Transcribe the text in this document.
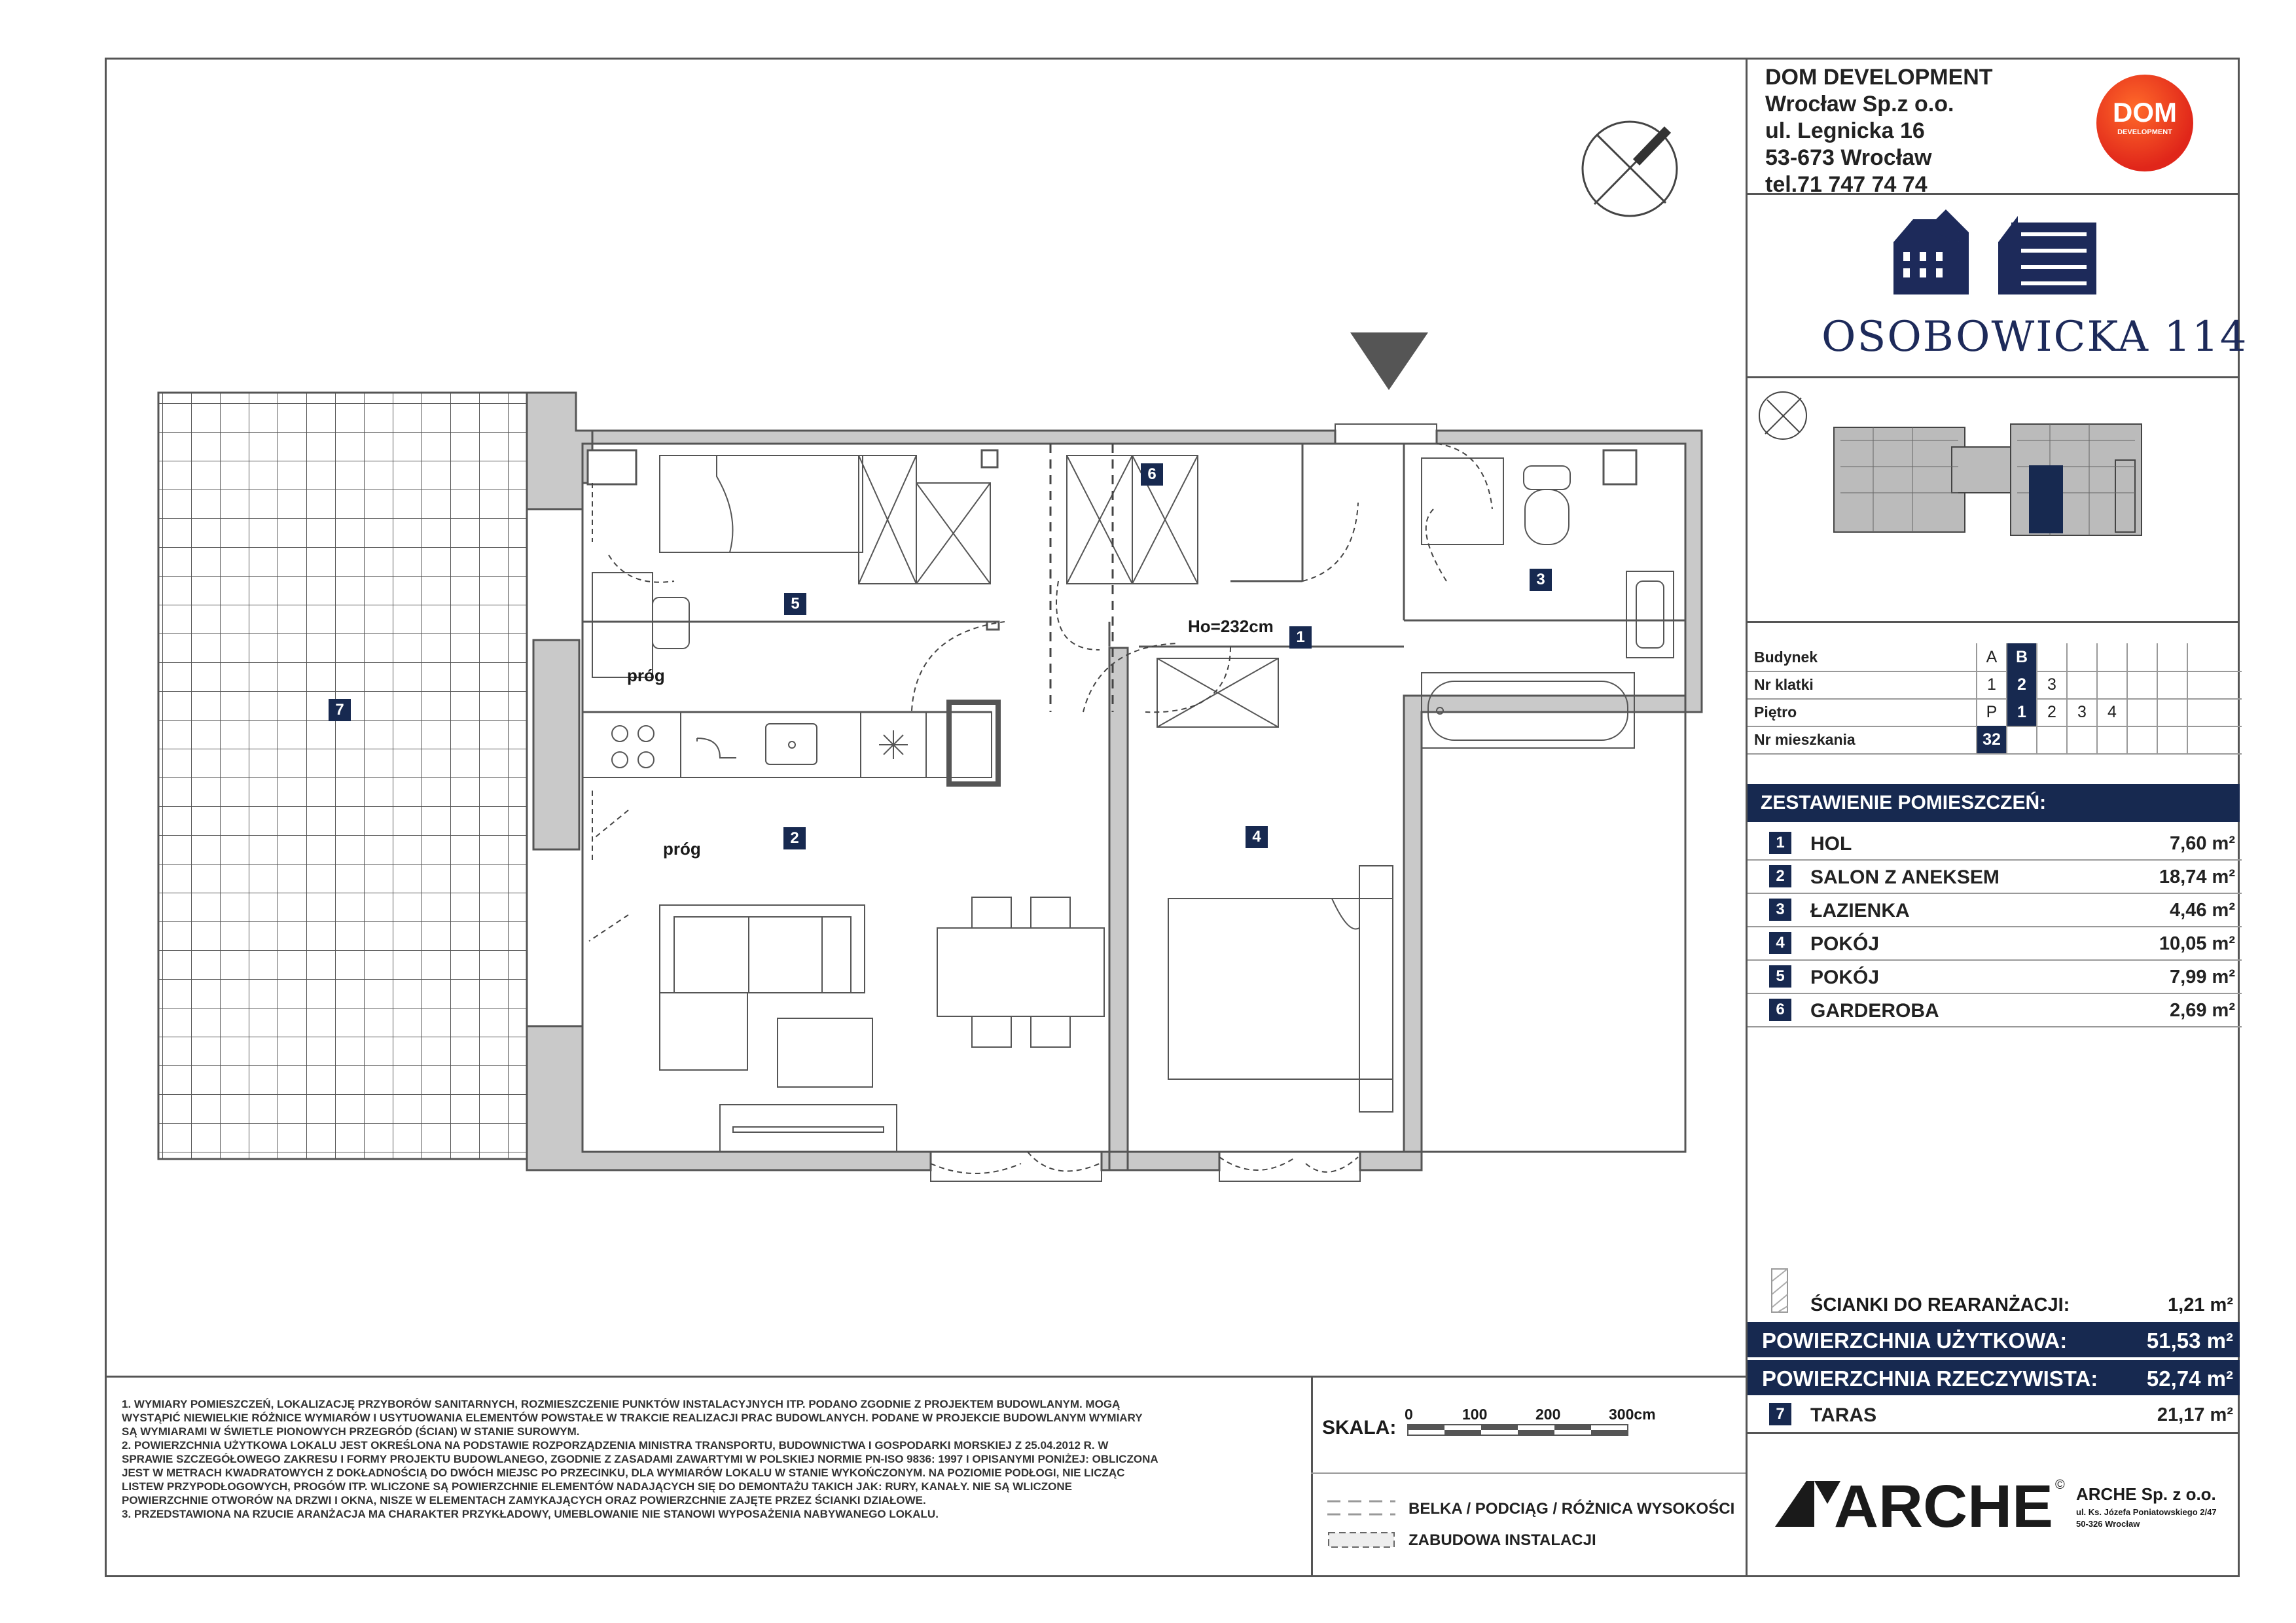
1
2
3
4
5
6
7
Ho=232cm
próg
próg
DOM DEVELOPMENT
Wrocław Sp.z o.o.
ul. Legnicka 16
53-673 Wrocław
tel.71 747 74 74
DOM
DEVELOPMENT
OSOBOWICKA 114
Budynek	A	B
Nr klatki	1	2	3
Piętro	P	1	2	3	4
Nr mieszkania	32
ZESTAWIENIE POMIESZCZEŃ:
1	HOL	7,60 m²
2	SALON Z ANEKSEM	18,74 m²
3	ŁAZIENKA	4,46 m²
4	POKÓJ	10,05 m²
5	POKÓJ	7,99 m²
6	GARDEROBA	2,69 m²
ŚCIANKI DO REARANŻACJI:	1,21 m²
POWIERZCHNIA UŻYTKOWA:	51,53 m²
POWIERZCHNIA RZECZYWISTA: 52,74 m²
7	TARAS	21,17 m²
ARCHE © ARCHE Sp. z o.o.
ul. Ks. Józefa Poniatowskiego 2/47
50-326 Wrocław
1. WYMIARY POMIESZCZEŃ, LOKALIZACJĘ PRZYBORÓW SANITARNYCH, ROZMIESZCZENIE PUNKTÓW INSTALACYJNYCH ITP. PODANO ZGODNIE Z PROJEKTEM BUDOWLANYM. MOGĄ
WYSTĄPIĆ NIEWIELKIE RÓŻNICE WYMIARÓW I USYTUOWANIA ELEMENTÓW POWSTAŁE W TRAKCIE REALIZACJI PRAC BUDOWLANYCH. PODANE W PROJEKCIE BUDOWLANYM WYMIARY
SĄ WYMIARAMI W ŚWIETLE PIONOWYCH PRZEGRÓD (ŚCIAN) W STANIE SUROWYM.
2. POWIERZCHNIA UŻYTKOWA LOKALU JEST OKREŚLONA NA PODSTAWIE ROZPORZĄDZENIA MINISTRA TRANSPORTU, BUDOWNICTWA I GOSPODARKI MORSKIEJ Z 25.04.2012 R. W
SPRAWIE SZCZEGÓŁOWEGO ZAKRESU I FORMY PROJEKTU BUDOWLANEGO, ZGODNIE Z ZASADAMI ZAWARTYMI W POLSKIEJ NORMIE PN-ISO 9836: 1997 I OPISANYMI PONIŻEJ: OBLICZONA
JEST W METRACH KWADRATOWYCH Z DOKŁADNOŚCIĄ DO DWÓCH MIEJSC PO PRZECINKU, DLA WYMIARÓW LOKALU W STANIE WYKOŃCZONYM. NA POZIOMIE PODŁOGI, NIE LICZĄC
LISTEW PRZYPODŁOGOWYCH, PROGÓW ITP. WLICZONE SĄ POWIERZCHNIE ELEMENTÓW NADAJĄCYCH SIĘ DO DEMONTAŻU TAKICH JAK: RURY, KANAŁY. NIE SĄ WLICZONE
POWIERZCHNIE OTWORÓW NA DRZWI I OKNA, NISZE W ELEMENTACH ZAMYKAJĄCYCH ORAZ POWIERZCHNIE ZAJĘTE PRZEZ ŚCIANKI DZIAŁOWE.
3. PRZEDSTAWIONA NA RZUCIE ARANŻACJA MA CHARAKTER PRZYKŁADOWY, UMEBLOWANIE NIE STANOWI WYPOSAŻENIA NABYWANEGO LOKALU.
SKALA:
0	100	200	300cm
BELKA / PODCIĄG / RÓŻNICA WYSOKOŚCI
ZABUDOWA INSTALACJI
